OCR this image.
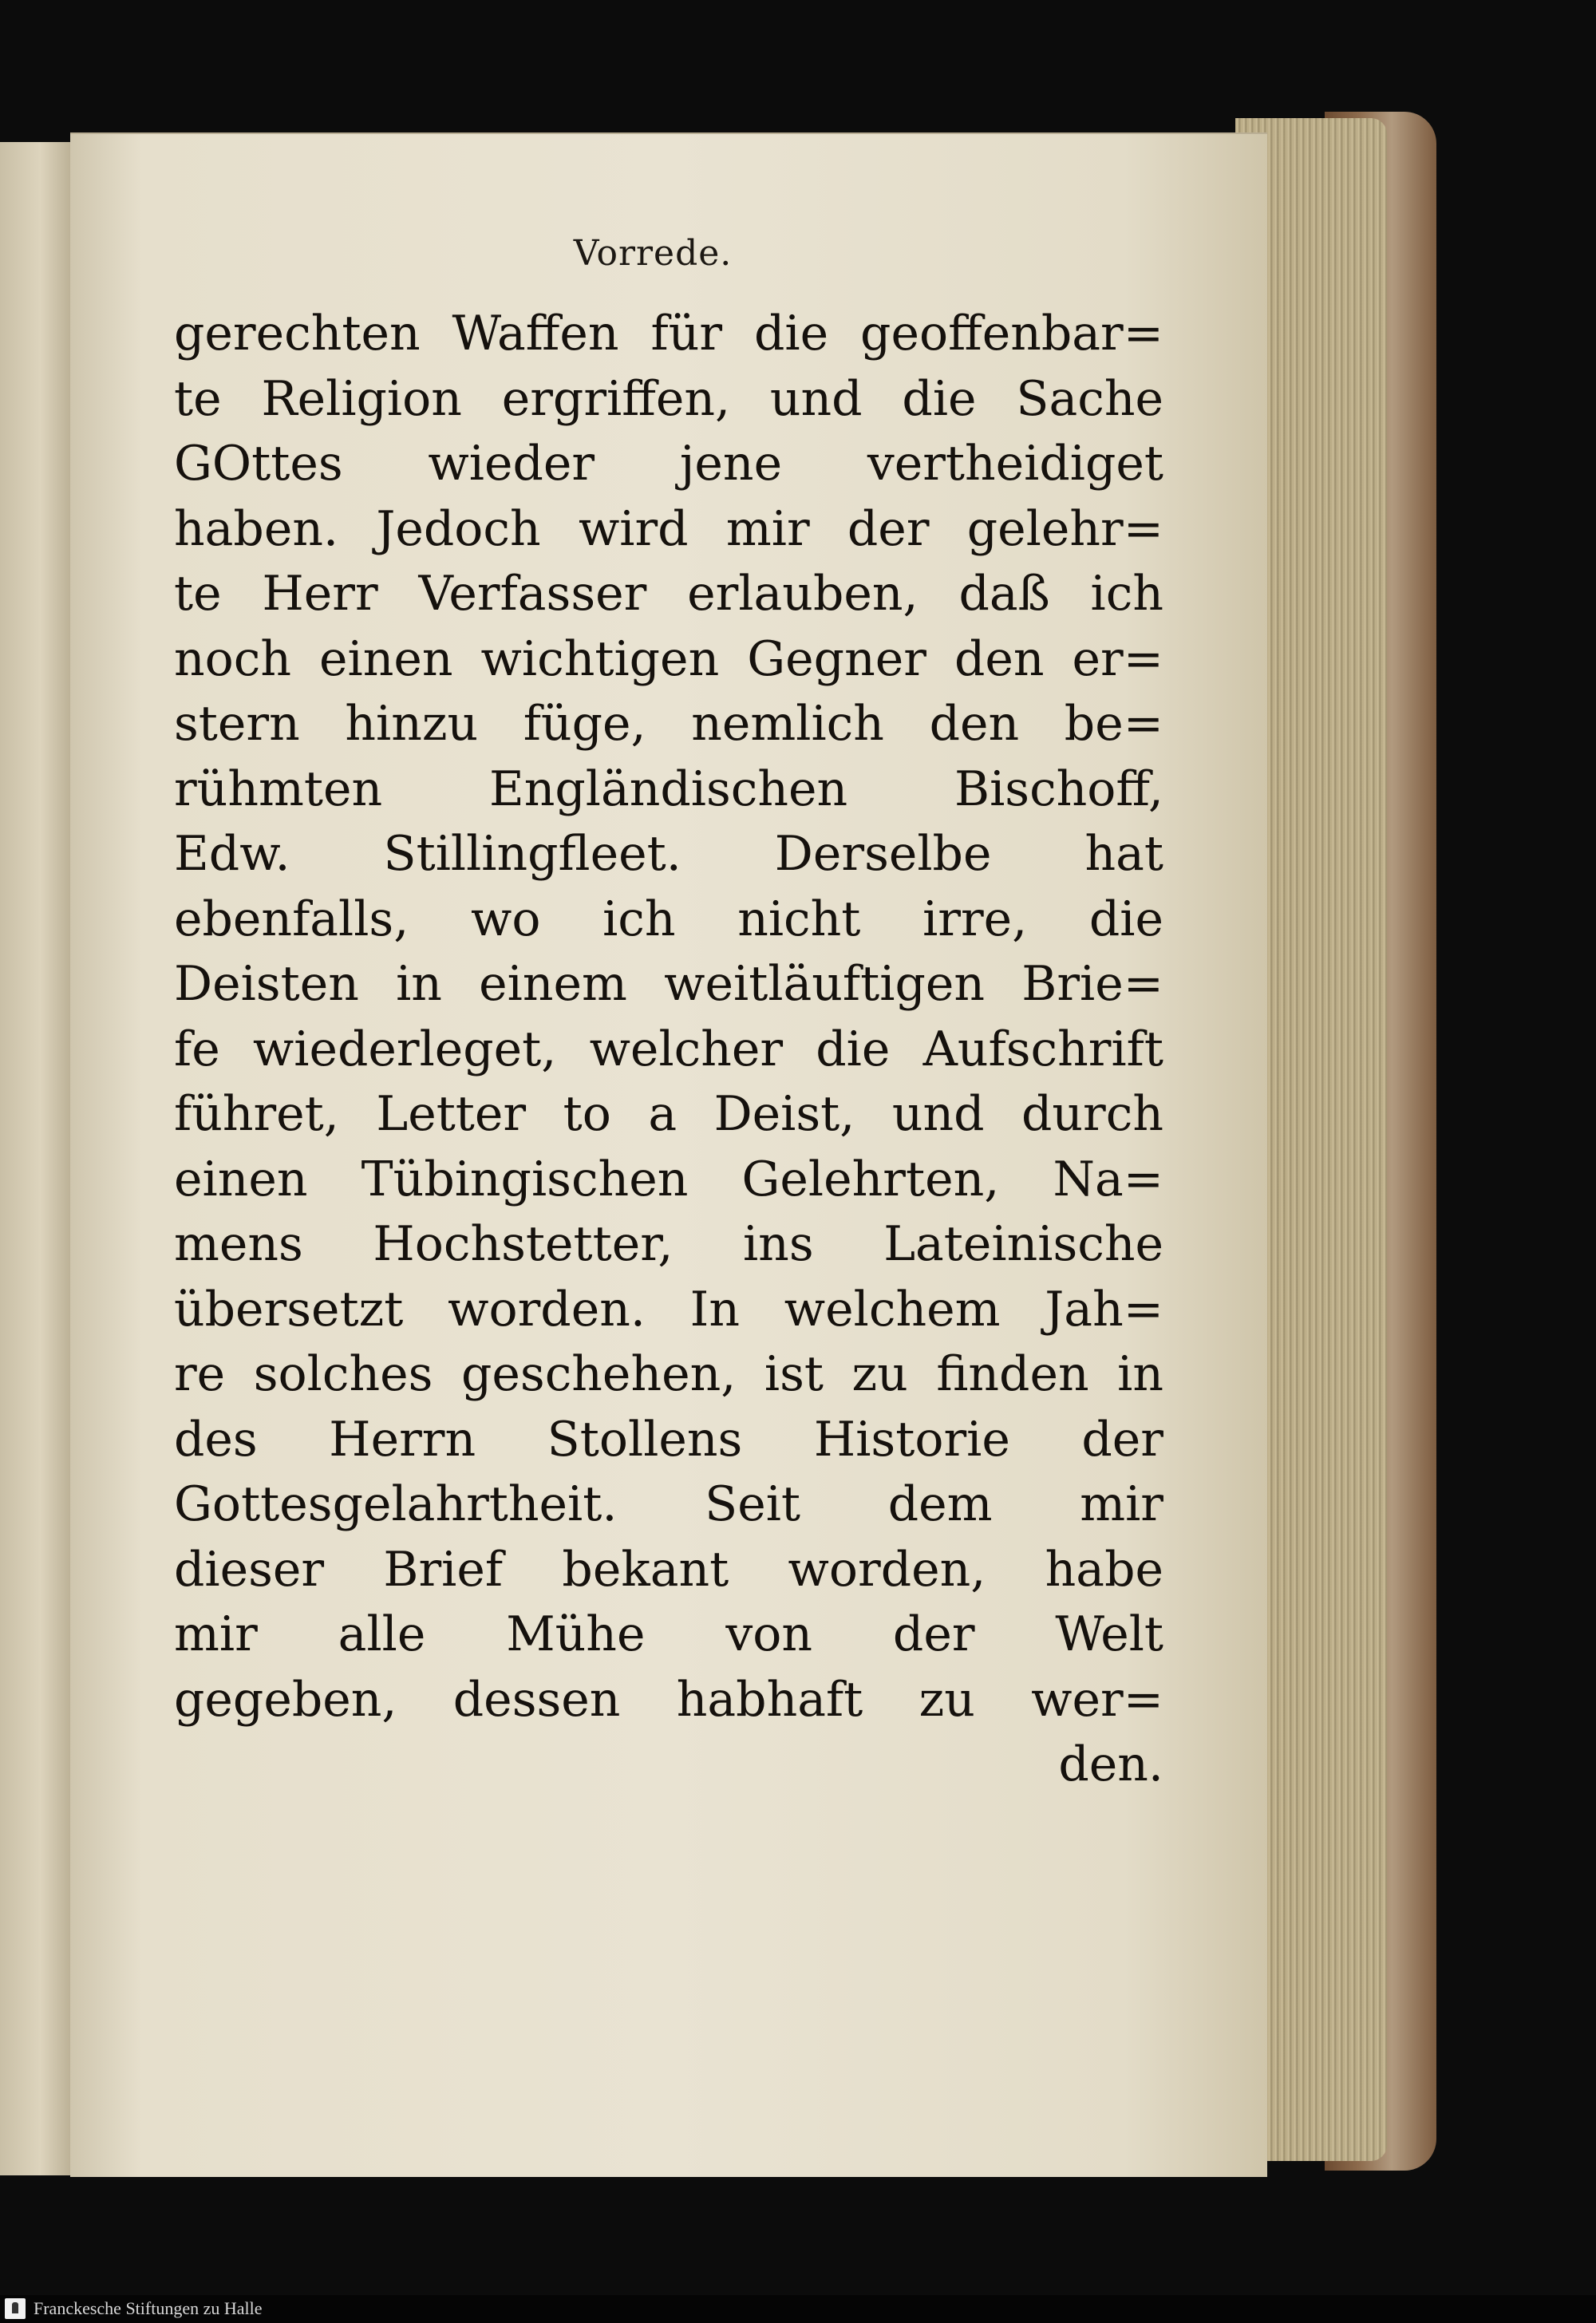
Vorrede.
gerechten Waffen für die geoffenbar=
te Religion ergriffen, und die Sache
GOttes wieder jene vertheidiget
haben. Jedoch wird mir der gelehr=
te Herr Verfasser erlauben, daß ich
noch einen wichtigen Gegner den er=
stern hinzu füge, nemlich den be=
rühmten Engländischen Bischoff,
Edw. Stillingfleet. Derselbe hat
ebenfalls, wo ich nicht irre, die
Deisten in einem weitläuftigen Brie=
fe wiederleget, welcher die Aufschrift
führet, Letter to a Deist, und durch
einen Tübingischen Gelehrten, Na=
mens Hochstetter, ins Lateinische
übersetzt worden. In welchem Jah=
re solches geschehen, ist zu finden in
des Herrn Stollens Historie der
Gottesgelahrtheit. Seit dem mir
dieser Brief bekant worden, habe
mir alle Mühe von der Welt
gegeben, dessen habhaft zu wer=
den.
Franckesche Stiftungen zu Halle
